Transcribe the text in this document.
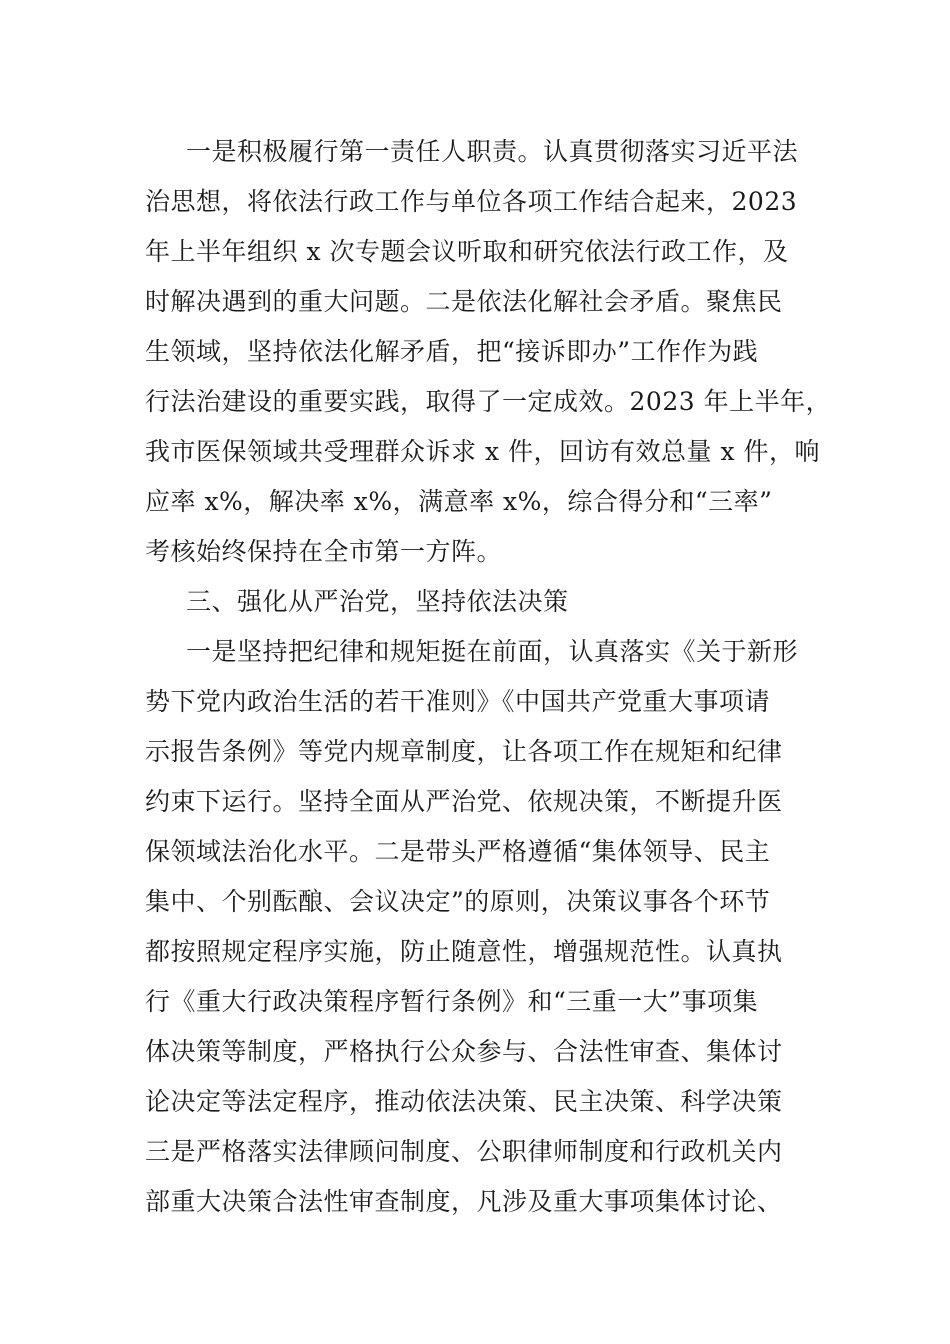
一是积极履行第一责任人职责。认真贯彻落实习近平法
治思想，将依法行政工作与单位各项工作结合起来，2023
年上半年组织 x 次专题会议听取和研究依法行政工作，及
时解决遇到的重大问题。二是依法化解社会矛盾。聚焦民
生领域，坚持依法化解矛盾，把“接诉即办”工作作为践
行法治建设的重要实践，取得了一定成效。2023 年上半年，
我市医保领域共受理群众诉求 x 件，回访有效总量 x 件，响
应率 x%，解决率 x%，满意率 x%，综合得分和“三率”
考核始终保持在全市第一方阵。
三、强化从严治党，坚持依法决策
一是坚持把纪律和规矩挺在前面，认真落实《关于新形
势下党内政治生活的若干准则》《中国共产党重大事项请
示报告条例》等党内规章制度，让各项工作在规矩和纪律
约束下运行。坚持全面从严治党、依规决策，不断提升医
保领域法治化水平。二是带头严格遵循“集体领导、民主
集中、个别酝酿、会议决定”的原则，决策议事各个环节
都按照规定程序实施，防止随意性，增强规范性。认真执
行《重大行政决策程序暂行条例》和“三重一大”事项集
体决策等制度，严格执行公众参与、合法性审查、集体讨
论决定等法定程序，推动依法决策、民主决策、科学决策
三是严格落实法律顾问制度、公职律师制度和行政机关内
部重大决策合法性审查制度，凡涉及重大事项集体讨论、
